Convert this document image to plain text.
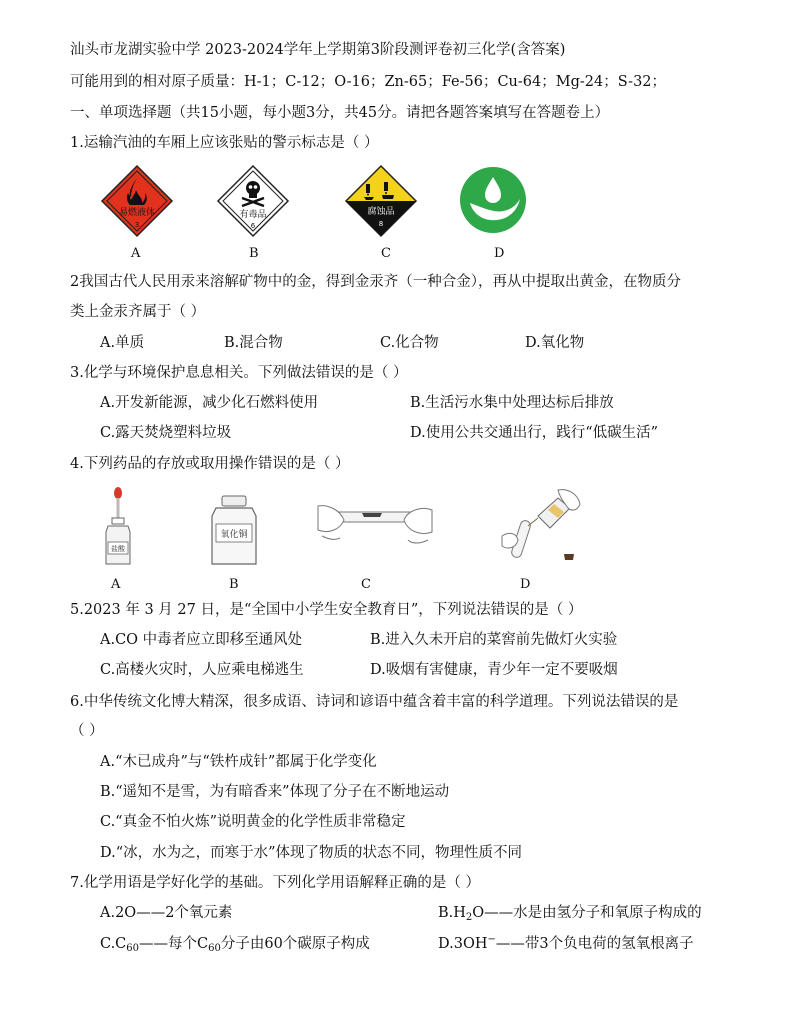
汕头市龙湖实验中学 2023-2024学年上学期第3阶段测评卷初三化学(含答案)
可能用到的相对原子质量：H-1；C-12；O-16；Zn-65；Fe-56；Cu-64；Mg-24；S-32；
一、单项选择题（共15小题，每小题3分，共45分。请把各题答案填写在答题卷上）
1.运输汽油的车厢上应该张贴的警示标志是（ ）
易燃液体
3
有毒品
6
腐蚀品
8
A	B	C	D
2我国古代人民用汞来溶解矿物中的金，得到金汞齐（一种合金），再从中提取出黄金，在物质分
类上金汞齐属于（ ）
A.单质	B.混合物	C.化合物	D.氧化物
3.化学与环境保护息息相关。下列做法错误的是（ ）
A.开发新能源，减少化石燃料使用	B.生活污水集中处理达标后排放
C.露天焚烧塑料垃圾	D.使用公共交通出行，践行“低碳生活”
4.下列药品的存放或取用操作错误的是（ ）
盐酸
氧化铜
A	B	C	D
5.2023 年 3 月 27 日，是“全国中小学生安全教育日”，下列说法错误的是（ ）
A.CO 中毒者应立即移至通风处	B.进入久未开启的菜窖前先做灯火实验
C.高楼火灾时，人应乘电梯逃生	D.吸烟有害健康，青少年一定不要吸烟
6.中华传统文化博大精深，很多成语、诗词和谚语中蕴含着丰富的科学道理。下列说法错误的是
（ ）
A.“木已成舟”与“铁杵成针”都属于化学变化
B.“遥知不是雪，为有暗香来”体现了分子在不断地运动
C.“真金不怕火炼”说明黄金的化学性质非常稳定
D.“冰，水为之，而寒于水”体现了物质的状态不同，物理性质不同
7.化学用语是学好化学的基础。下列化学用语解释正确的是（ ）
A.2O——2个氧元素	$B.H_2O——$水是由氢分子和氧原子构成的
$C.C_{60}——$每个$C_{60}$分子由60个碳原子构成	D.3OH−——带3个负电荷的氢氧根离子
